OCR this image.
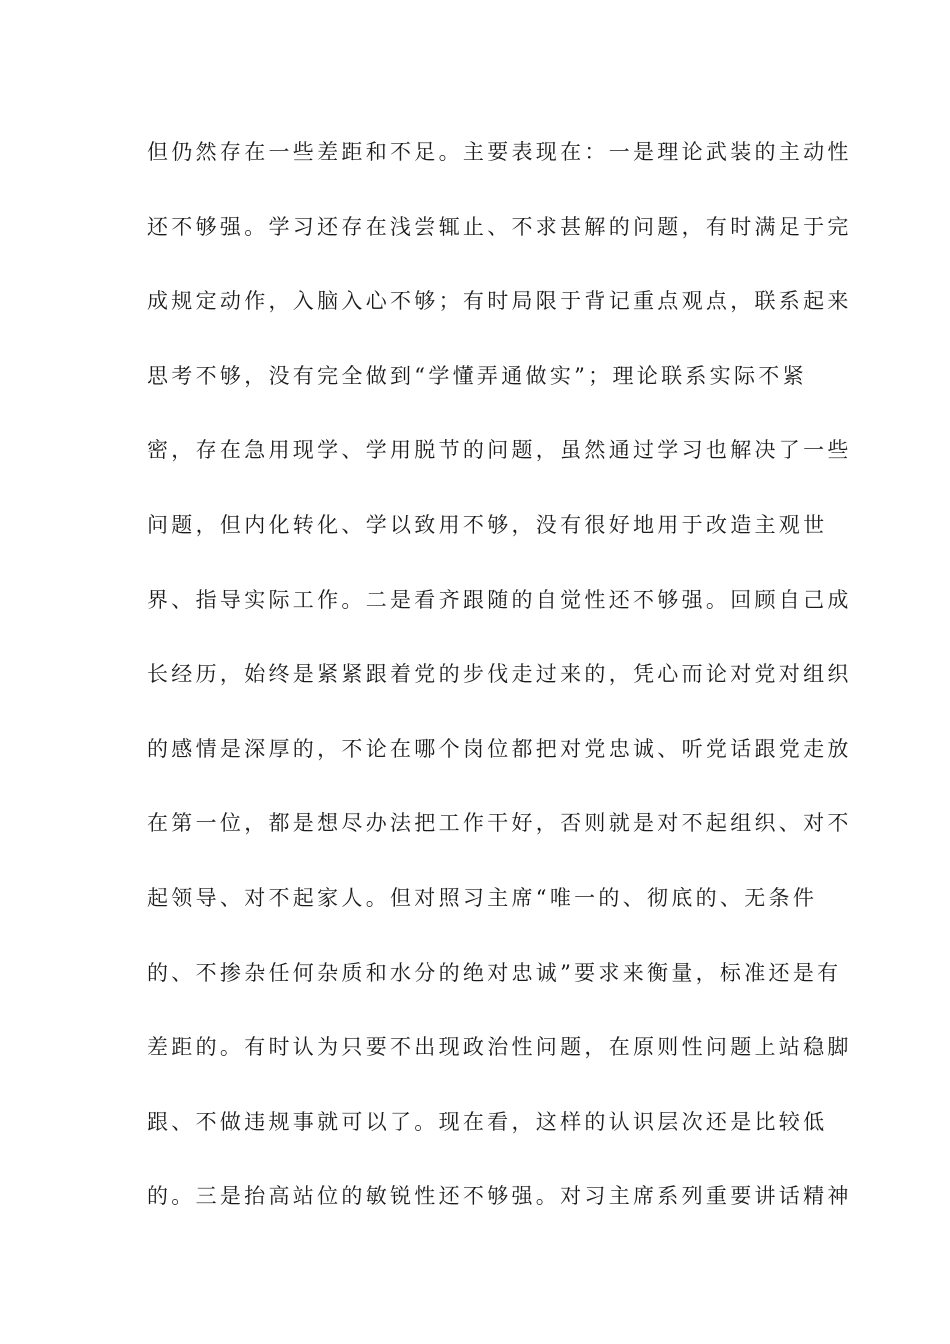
但仍然存在一些差距和不足。主要表现在：一是理论武装的主动性
还不够强。学习还存在浅尝辄止、不求甚解的问题，有时满足于完
成规定动作，入脑入心不够；有时局限于背记重点观点，联系起来
思考不够，没有完全做到“学懂弄通做实”；理论联系实际不紧
密，存在急用现学、学用脱节的问题，虽然通过学习也解决了一些
问题，但内化转化、学以致用不够，没有很好地用于改造主观世
界、指导实际工作。二是看齐跟随的自觉性还不够强。回顾自己成
长经历，始终是紧紧跟着党的步伐走过来的，凭心而论对党对组织
的感情是深厚的，不论在哪个岗位都把对党忠诚、听党话跟党走放
在第一位，都是想尽办法把工作干好，否则就是对不起组织、对不
起领导、对不起家人。但对照习主席“唯一的、彻底的、无条件
的、不掺杂任何杂质和水分的绝对忠诚”要求来衡量，标准还是有
差距的。有时认为只要不出现政治性问题，在原则性问题上站稳脚
跟、不做违规事就可以了。现在看，这样的认识层次还是比较低
的。三是抬高站位的敏锐性还不够强。对习主席系列重要讲话精神
